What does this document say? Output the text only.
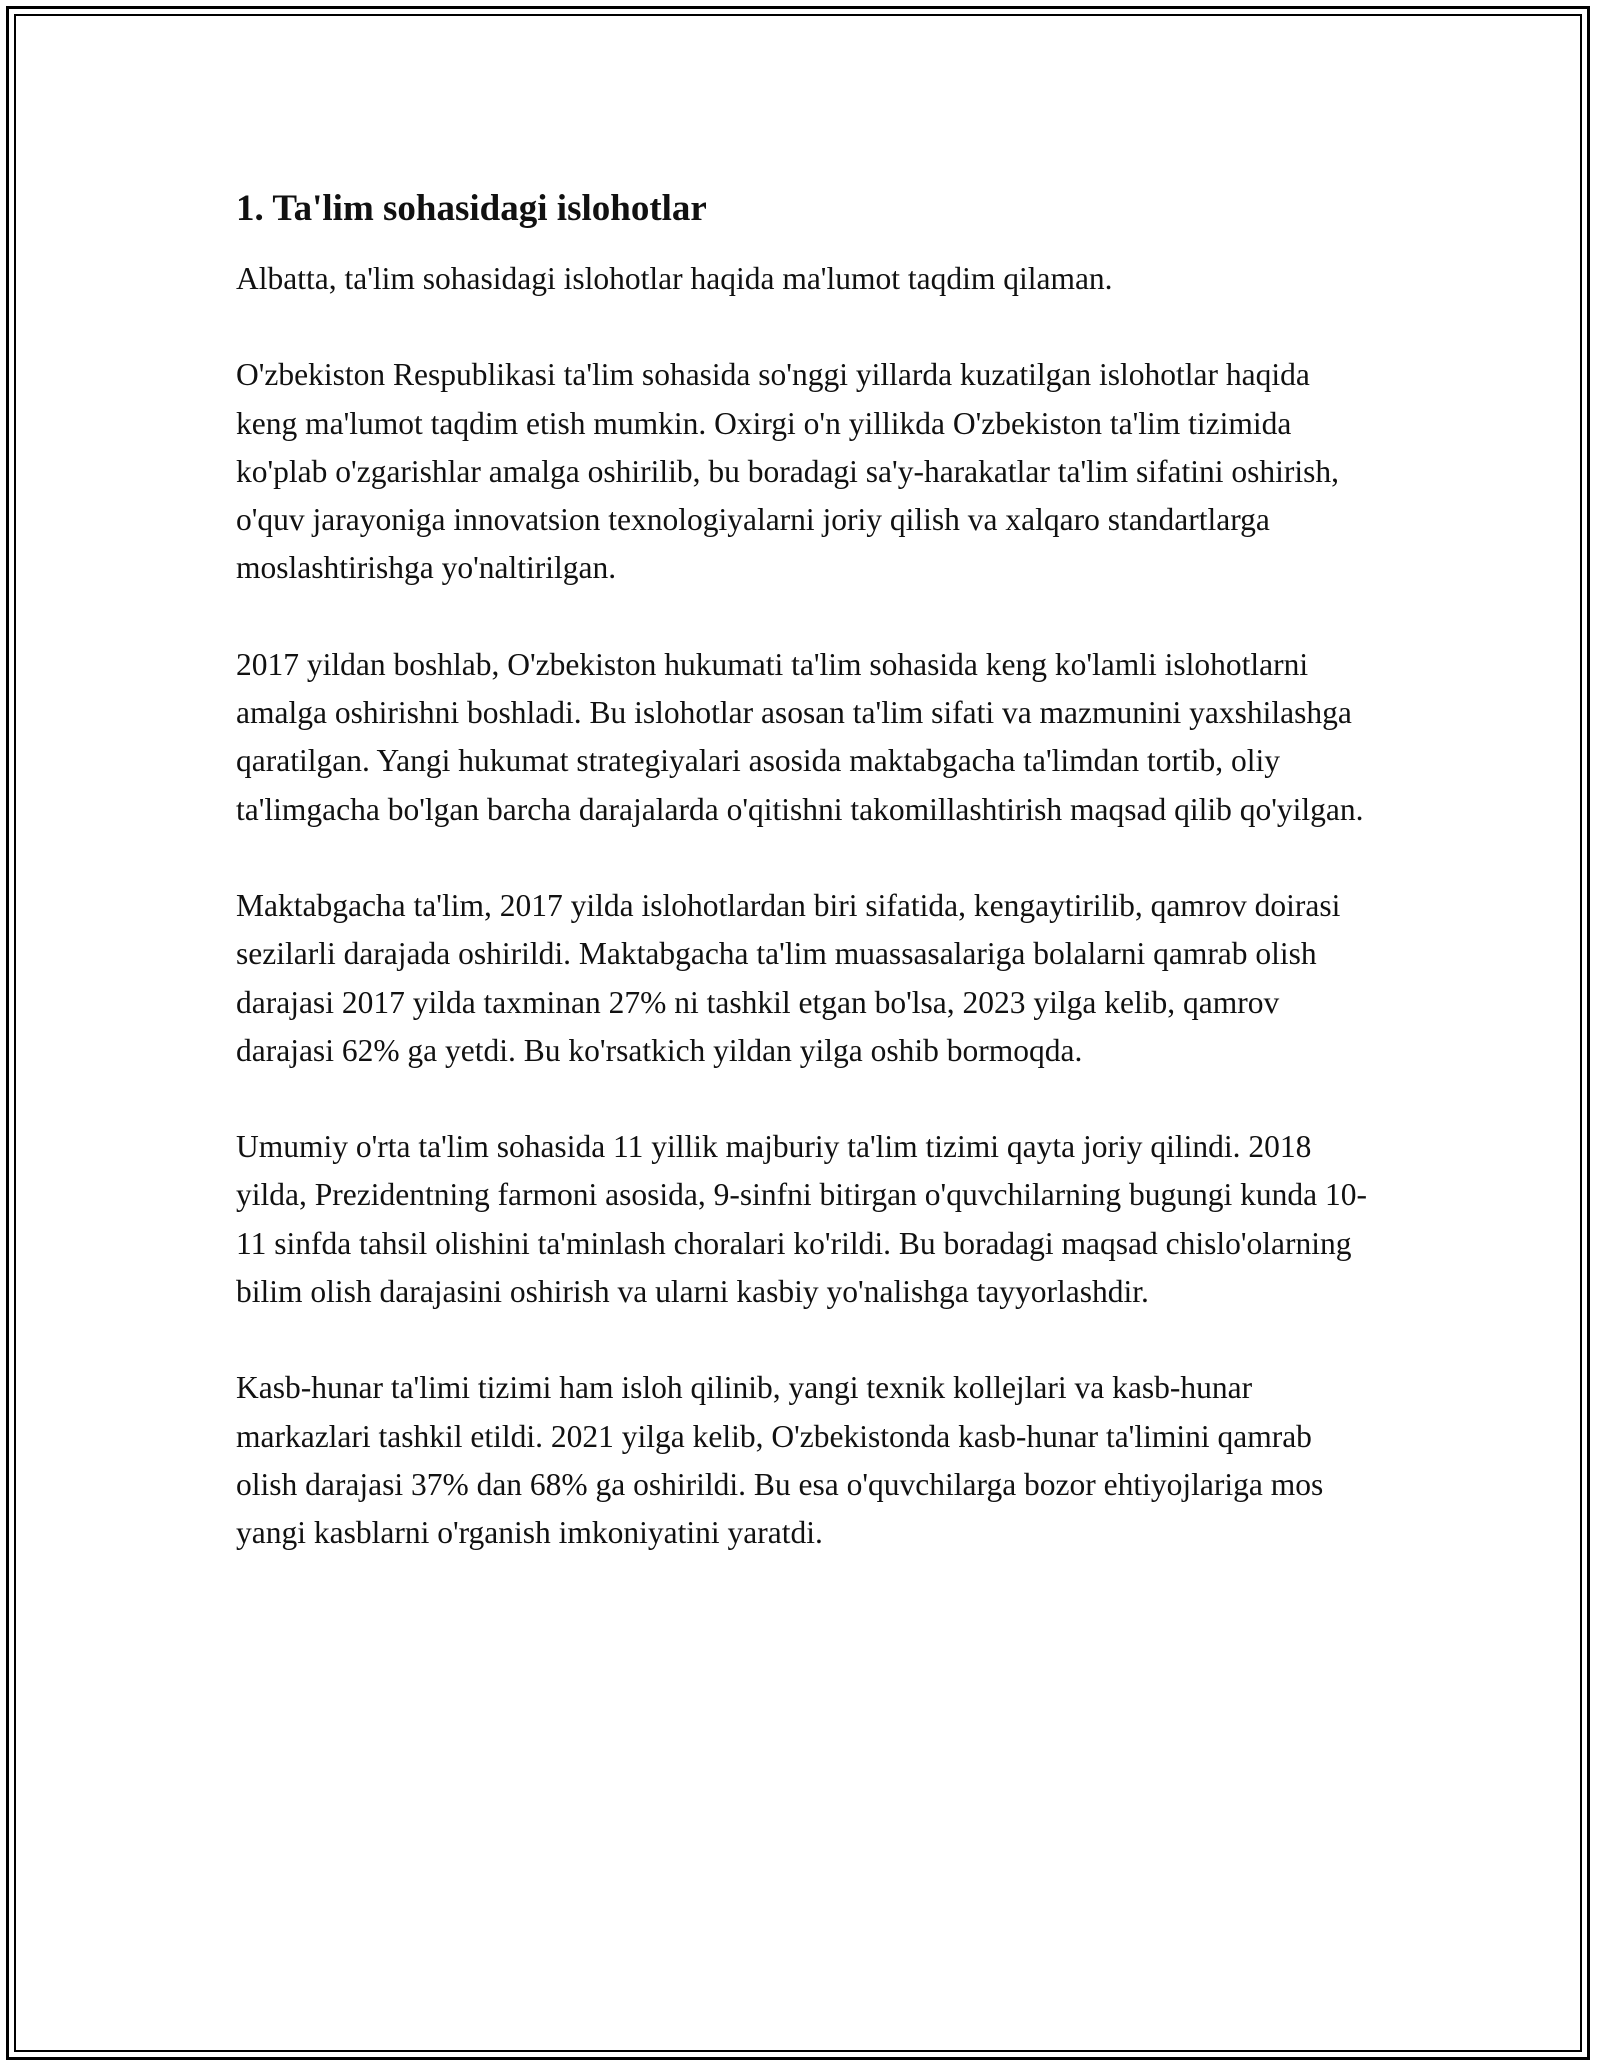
1. Ta'lim sohasidagi islohotlar

Albatta, ta'lim sohasidagi islohotlar haqida ma'lumot taqdim qilaman.

O'zbekiston Respublikasi ta'lim sohasida so'nggi yillarda kuzatilgan islohotlar haqida keng ma'lumot taqdim etish mumkin. Oxirgi o'n yillikda O'zbekiston ta'lim tizimida ko'plab o'zgarishlar amalga oshirilib, bu boradagi sa'y-harakatlar ta'lim sifatini oshirish, o'quv jarayoniga innovatsion texnologiyalarni joriy qilish va xalqaro standartlarga moslashtirishga yo'naltirilgan.

2017 yildan boshlab, O'zbekiston hukumati ta'lim sohasida keng ko'lamli islohotlarni amalga oshirishni boshladi. Bu islohotlar asosan ta'lim sifati va mazmunini yaxshilashga qaratilgan. Yangi hukumat strategiyalari asosida maktabgacha ta'limdan tortib, oliy ta'limgacha bo'lgan barcha darajalarda o'qitishni takomillashtirish maqsad qilib qo'yilgan.

Maktabgacha ta'lim, 2017 yilda islohotlardan biri sifatida, kengaytirilib, qamrov doirasi sezilarli darajada oshirildi. Maktabgacha ta'lim muassasalariga bolalarni qamrab olish darajasi 2017 yilda taxminan 27% ni tashkil etgan bo'lsa, 2023 yilga kelib, qamrov darajasi 62% ga yetdi. Bu ko'rsatkich yildan yilga oshib bormoqda.

Umumiy o'rta ta'lim sohasida 11 yillik majburiy ta'lim tizimi qayta joriy qilindi. 2018 yilda, Prezidentning farmoni asosida, 9-sinfni bitirgan o'quvchilarning bugungi kunda 10-11 sinfda tahsil olishini ta'minlash choralari ko'rildi. Bu boradagi maqsad chislo'olarning bilim olish darajasini oshirish va ularni kasbiy yo'nalishga tayyorlashdir.

Kasb-hunar ta'limi tizimi ham isloh qilinib, yangi texnik kollejlari va kasb-hunar markazlari tashkil etildi. 2021 yilga kelib, O'zbekistonda kasb-hunar ta'limini qamrab olish darajasi 37% dan 68% ga oshirildi. Bu esa o'quvchilarga bozor ehtiyojlariga mos yangi kasblarni o'rganish imkoniyatini yaratdi.
